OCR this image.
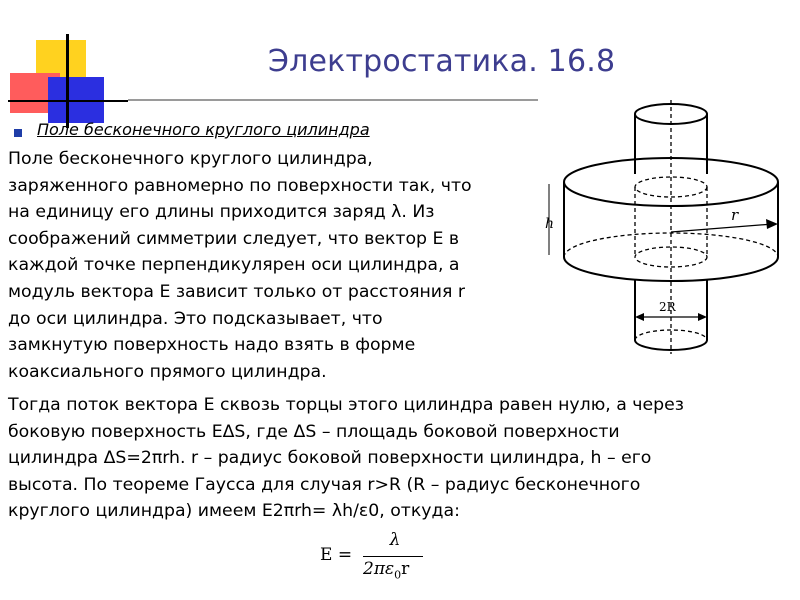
Электростатика. 16.8
Поле бесконечного круглого цилиндра
Поле бесконечного круглого цилиндра,
заряженного равномерно по поверхности так, что
на единицу его длины приходится заряд λ. Из
соображений симметрии следует, что вектор E в
каждой точке перпендикулярен оси цилиндра, а
модуль вектора E зависит только от расстояния r
до оси цилиндра. Это подсказывает, что
замкнутую поверхность надо взять в форме
коаксиального прямого цилиндра.
h	r
2R
Тогда поток вектора E сквозь торцы этого цилиндра равен нулю, а через
боковую поверхность EΔS, где ΔS – площадь боковой поверхности
цилиндра ΔS=2πrh. r – радиус боковой поверхности цилиндра, h – его
высота. По теореме Гаусса для случая r>R (R – радиус бесконечного
круглого цилиндра) имеем E2πrh= λh/ε0, откуда:
E =
λ
$2\pi\varepsilon_0r$
